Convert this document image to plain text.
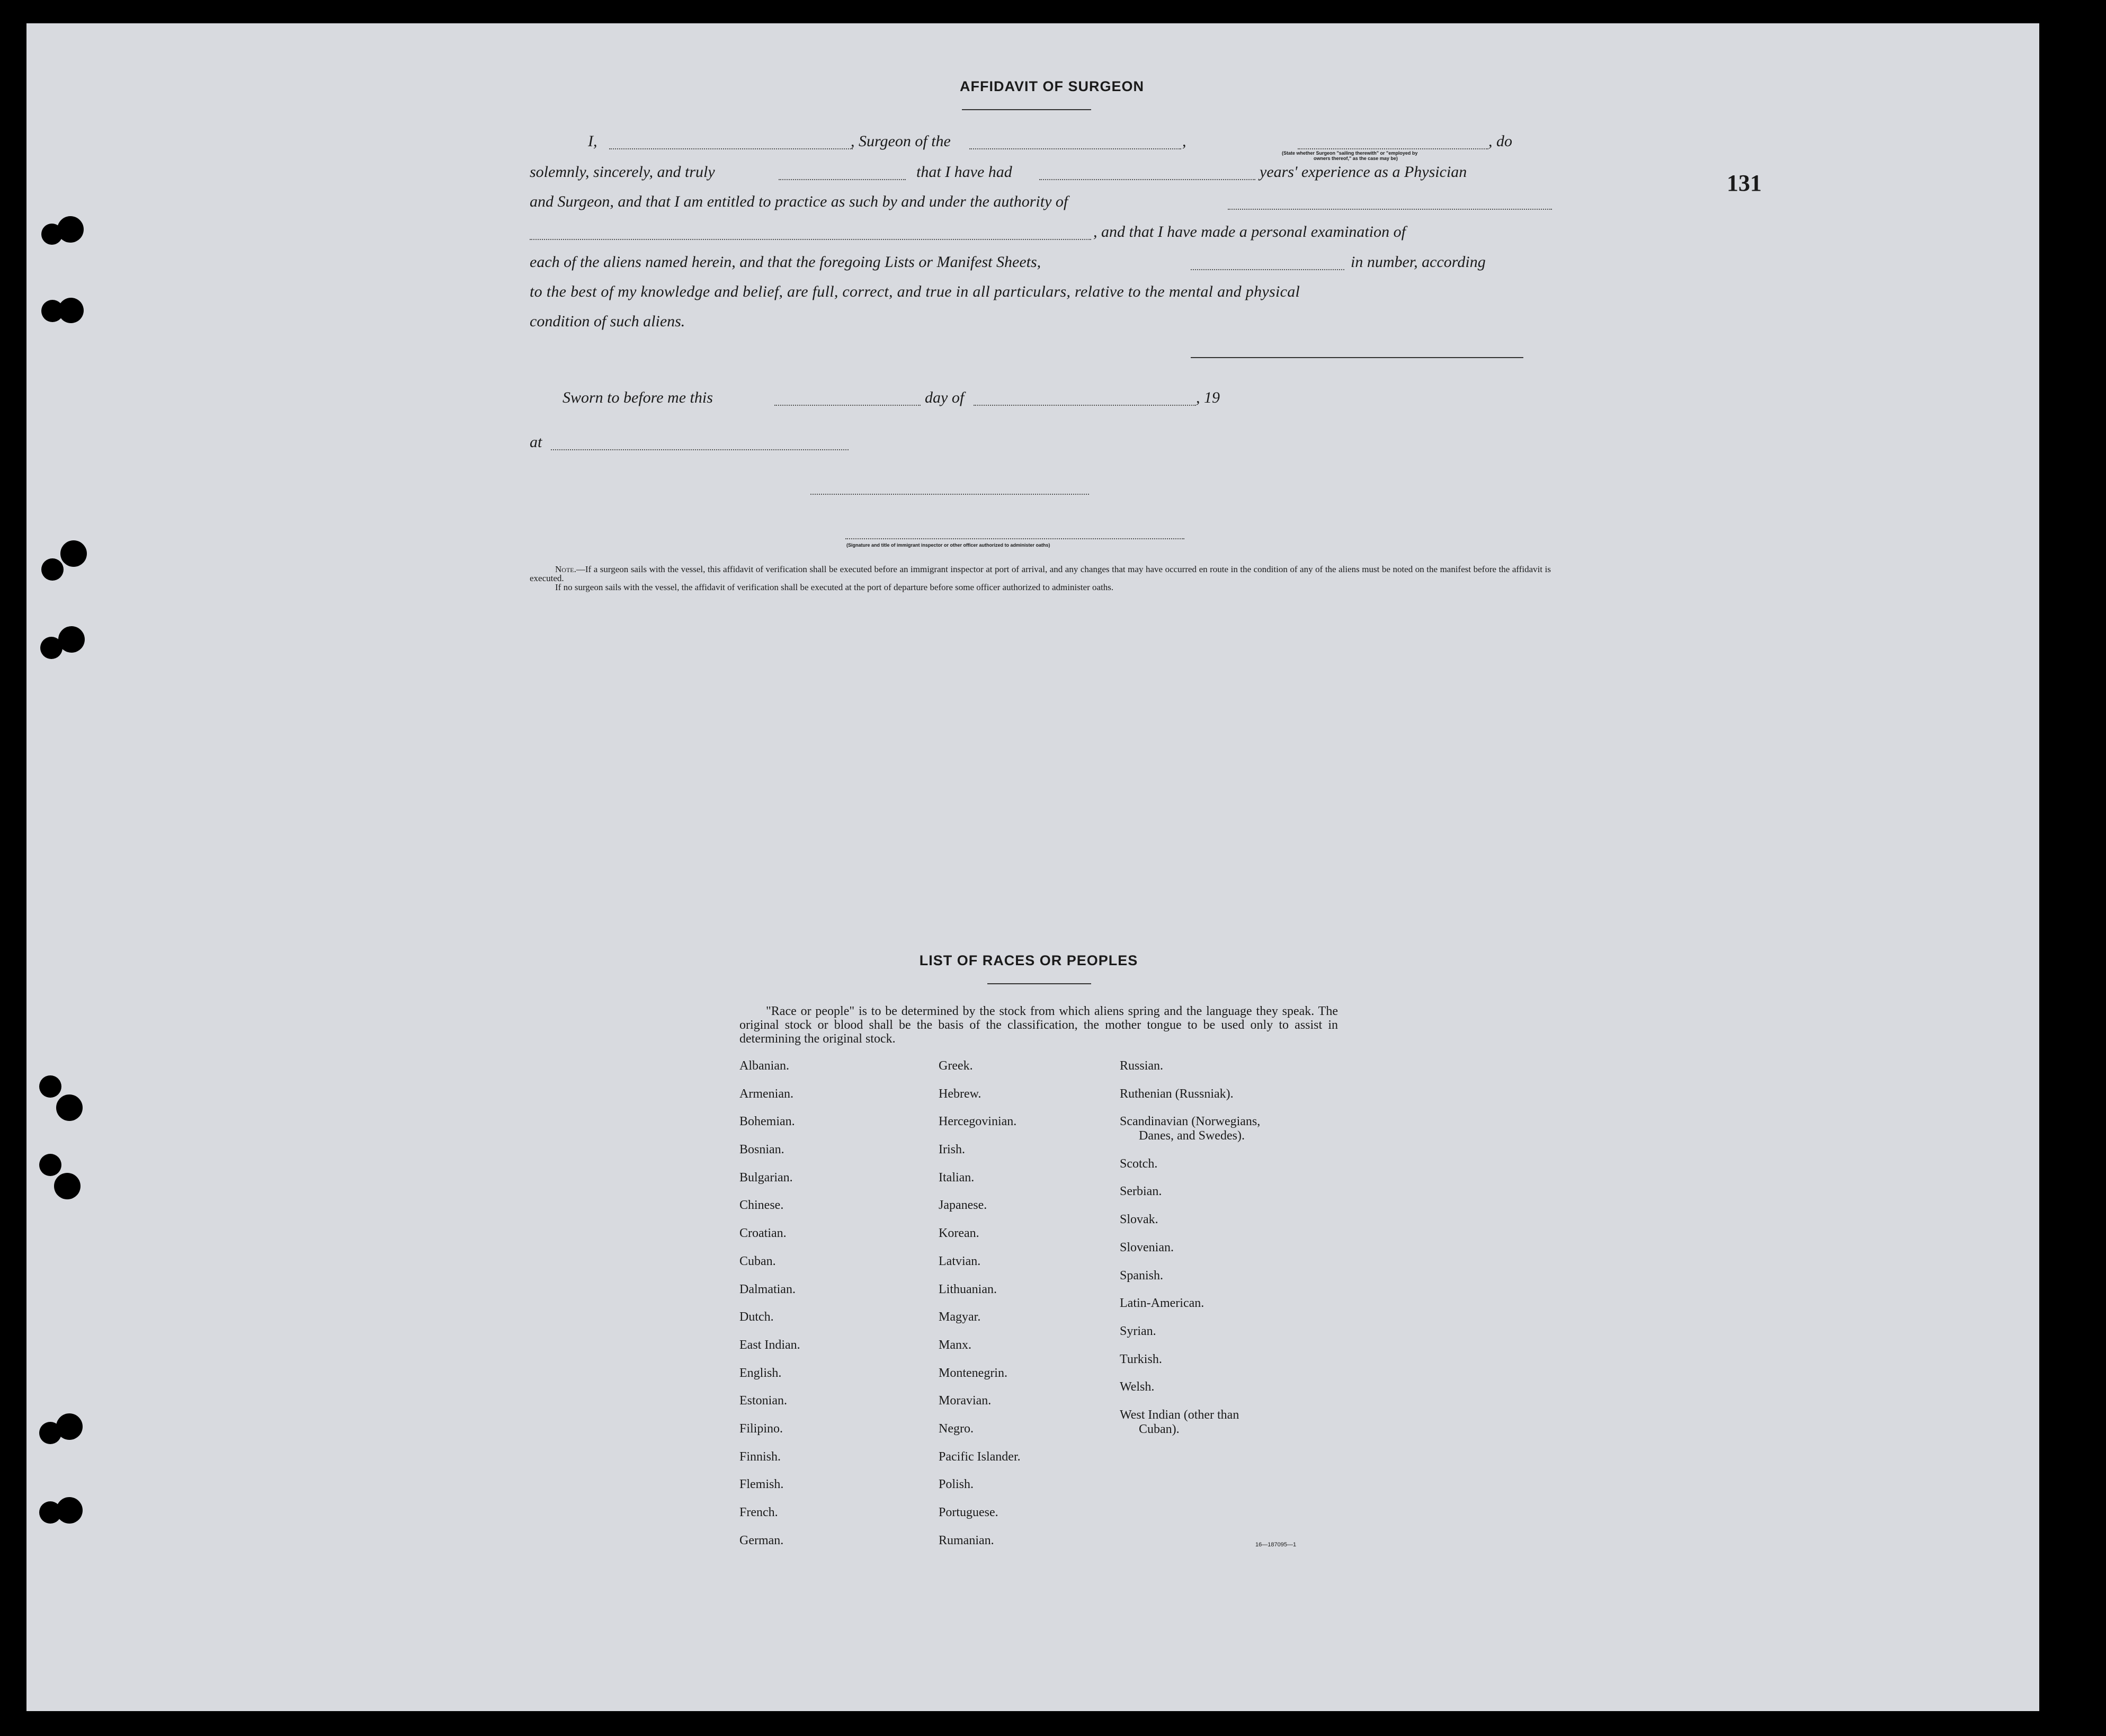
131
AFFIDAVIT OF SURGEON
I,	, Surgeon of the	,	, do
(State whether Surgeon "sailing therewith" or "employed by
owners thereof," as the case may be)
solemnly, sincerely, and truly	that I have had	years' experience as a Physician
and Surgeon, and that I am entitled to practice as such by and under the authority of
, and that I have made a personal examination of
each of the aliens named herein, and that the foregoing Lists or Manifest Sheets,	in number, according
to the best of my knowledge and belief, are full, correct, and true in all particulars, relative to the mental and physical
condition of such aliens.
Sworn to before me this	day of	, 19
at
(Signature and title of immigrant inspector or other officer authorized to administer oaths)
Note.—If a surgeon sails with the vessel, this affidavit of verification shall be executed before an immigrant inspector at port of arrival, and any changes that may have occurred en route in the condition of any of the aliens must be noted on the manifest before the affidavit is executed.
If no surgeon sails with the vessel, the affidavit of verification shall be executed at the port of departure before some officer authorized to administer oaths.
LIST OF RACES OR PEOPLES

"Race or people" is to be determined by the stock from which aliens spring and the language they speak. The original stock or blood shall be the basis of the classification, the mother tongue to be used only to assist in determining the original stock.

Albanian.
Armenian.
Bohemian.
Bosnian.
Bulgarian.
Chinese.
Croatian.
Cuban.
Dalmatian.
Dutch.
East Indian.
English.
Estonian.
Filipino.
Finnish.
Flemish.
French.
German.
Greek.
Hebrew.
Hercegovinian.
Irish.
Italian.
Japanese.
Korean.
Latvian.
Lithuanian.
Magyar.
Manx.
Montenegrin.
Moravian.
Negro.
Pacific Islander.
Polish.
Portuguese.
Rumanian.
Russian.
Ruthenian (Russniak).
Scandinavian (Norwegians,
Danes, and Swedes).
Scotch.
Serbian.
Slovak.
Slovenian.
Spanish.
Latin-American.
Syrian.
Turkish.
Welsh.
West Indian (other than
Cuban).
16—187095—1
